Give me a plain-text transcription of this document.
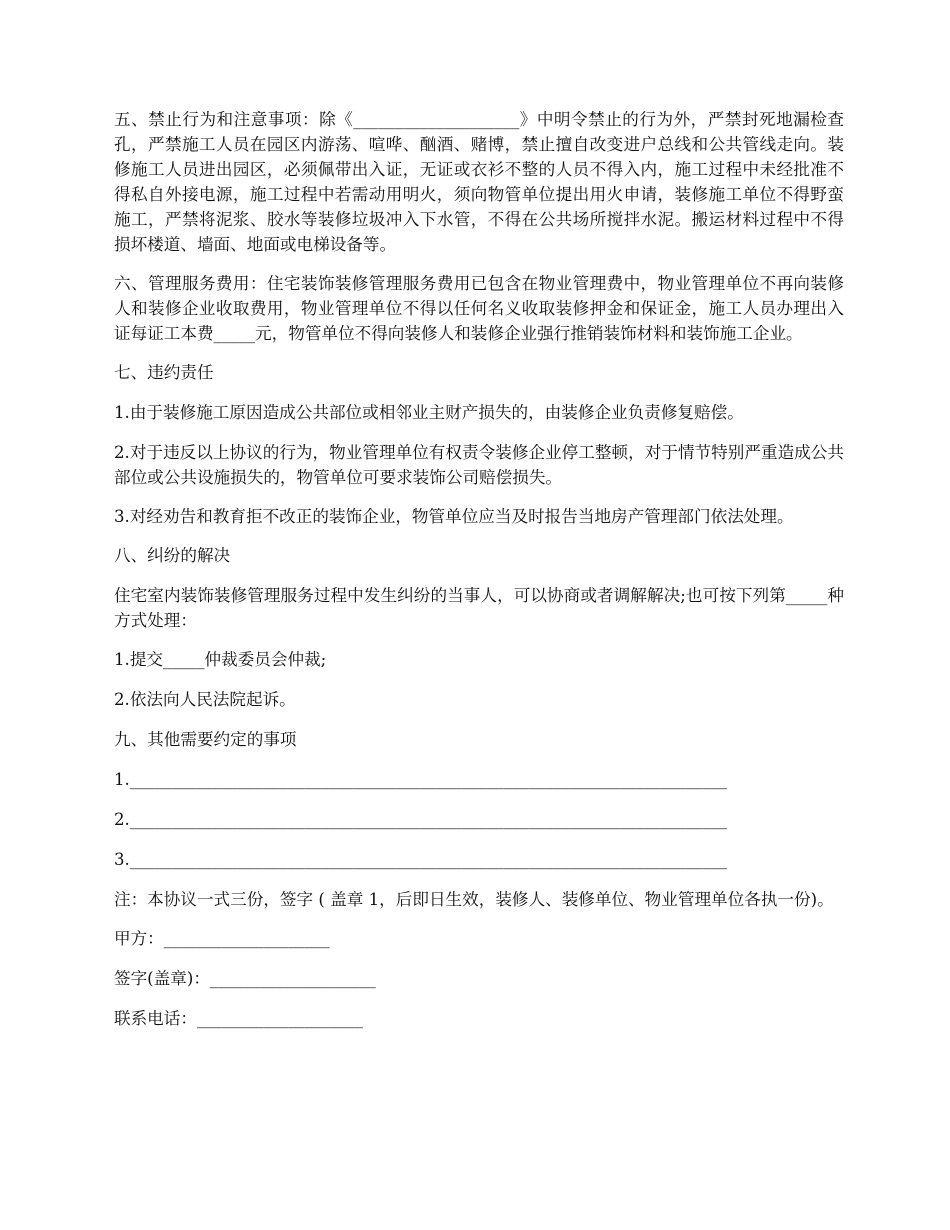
五、禁止行为和注意事项：除《____________________》中明令禁止的行为外，严禁封死地漏检查孔，严禁施工人员在园区内游荡、喧哗、酗酒、赌博，禁止擅自改变进户总线和公共管线走向。装修施工人员进出园区，必须佩带出入证，无证或衣衫不整的人员不得入内，施工过程中未经批准不得私自外接电源，施工过程中若需动用明火，须向物管单位提出用火申请，装修施工单位不得野蛮施工，严禁将泥浆、胶水等装修垃圾冲入下水管，不得在公共场所搅拌水泥。搬运材料过程中不得损坏楼道、墙面、地面或电梯设备等。

六、管理服务费用：住宅装饰装修管理服务费用已包含在物业管理费中，物业管理单位不再向装修人和装修企业收取费用，物业管理单位不得以任何名义收取装修押金和保证金，施工人员办理出入证每证工本费_____元，物管单位不得向装修人和装修企业强行推销装饰材料和装饰施工企业。

七、违约责任

1.由于装修施工原因造成公共部位或相邻业主财产损失的，由装修企业负责修复赔偿。

2.对于违反以上协议的行为，物业管理单位有权责令装修企业停工整顿，对于情节特别严重造成公共部位或公共设施损失的，物管单位可要求装饰公司赔偿损失。

3.对经劝告和教育拒不改正的装饰企业，物管单位应当及时报告当地房产管理部门依法处理。

八、纠纷的解决

住宅室内装饰装修管理服务过程中发生纠纷的当事人，可以协商或者调解解决;也可按下列第_____种方式处理：

1.提交_____仲裁委员会仲裁;

2.依法向人民法院起诉。

九、其他需要约定的事项

1.________________________________________________________________________

2.________________________________________________________________________

3.________________________________________________________________________

注：本协议一式三份，签字 ( 盖章 1，后即日生效，装修人、装修单位、物业管理单位各执一份)。

甲方：____________________

签字(盖章)：____________________

联系电话：____________________
